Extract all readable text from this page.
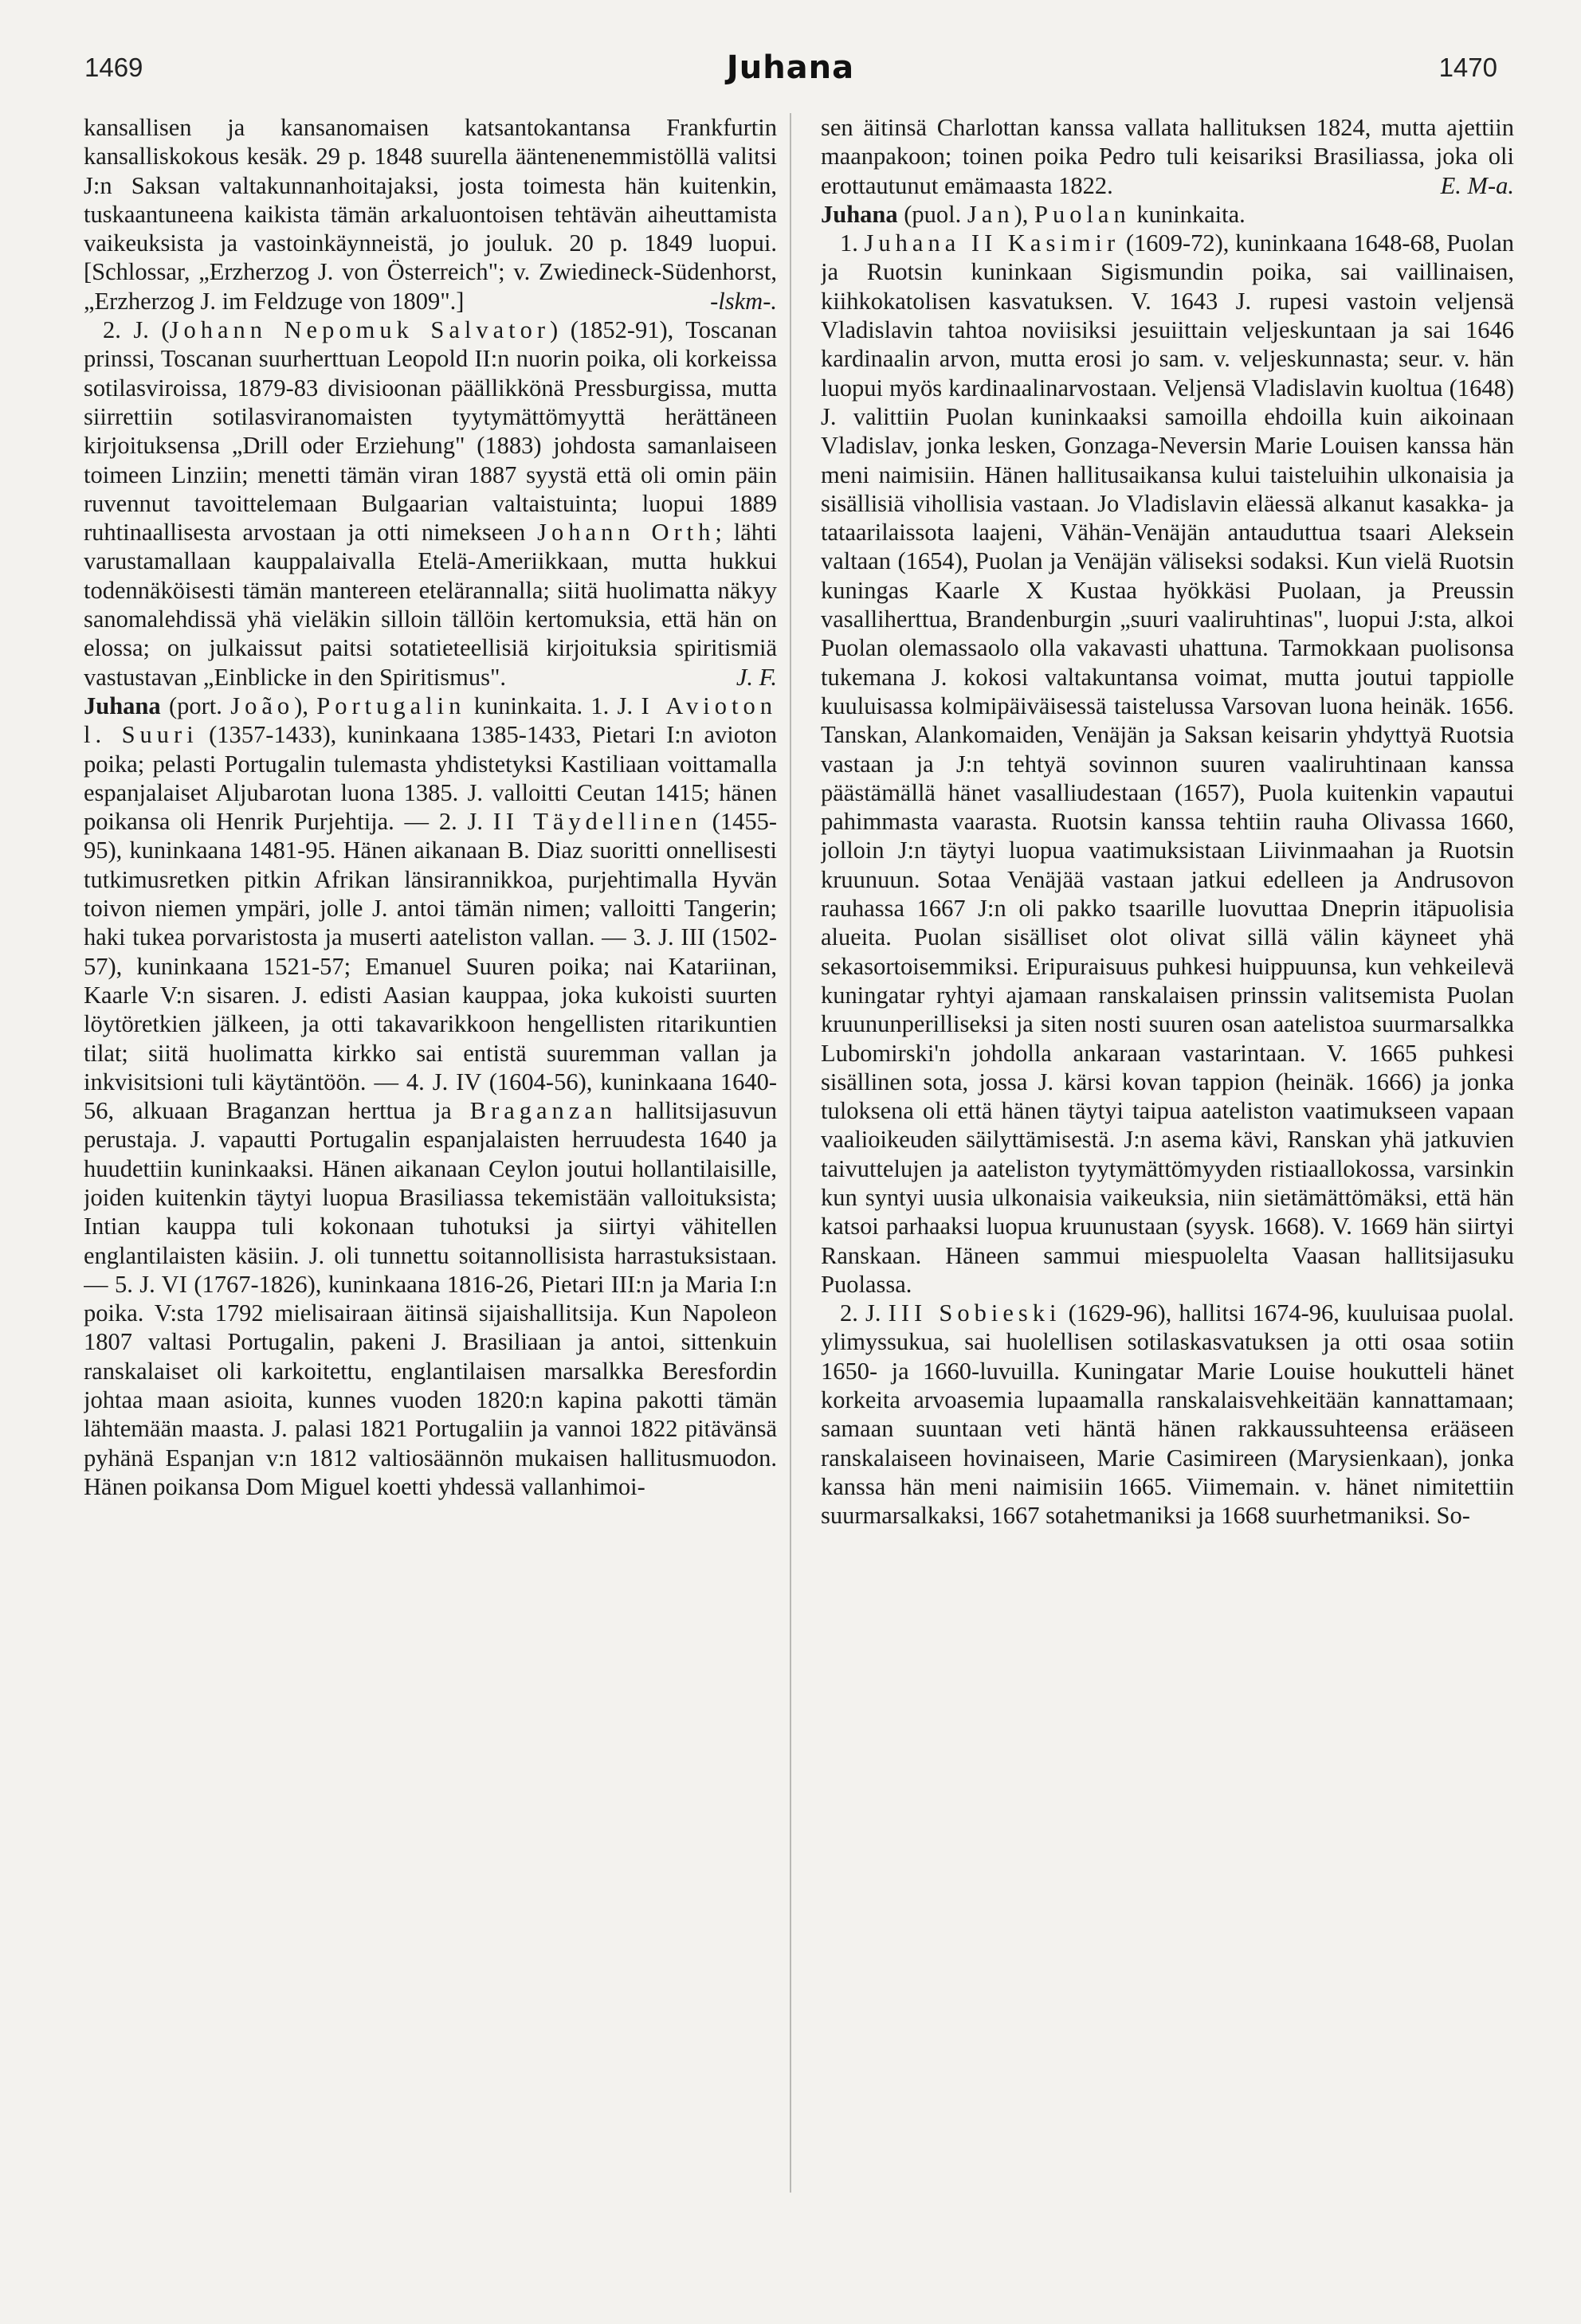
1469	Juhana	1470

kansallisen ja kansanomaisen katsantokantansa Frankfurtin kansalliskokous kesäk. 29 p. 1848 suurella ääntenenemmistöllä valitsi J:n Saksan valtakunnanhoitajaksi, josta toimesta hän kuitenkin, tuskaantuneena kaikista tämän arkaluontoisen tehtävän aiheuttamista vaikeuksista ja vastoinkäynneistä, jo jouluk. 20 p. 1849 luopui. [Schlossar, „Erzherzog J. von Österreich"; v. Zwiedineck-Südenhorst, „Erzherzog J. im Feldzuge von 1809".]	-lskm-.

2. J. (Johann Nepomuk Salvator) (1852-91), Toscanan prinssi, Toscanan suurherttuan Leopold II:n nuorin poika, oli korkeissa sotilasviroissa, 1879-83 divisioonan päällikkönä Pressburgissa, mutta siirrettiin sotilasviranomaisten tyytymättömyyttä herättäneen kirjoituksensa „Drill oder Erziehung" (1883) johdosta samanlaiseen toimeen Linziin; menetti tämän viran 1887 syystä että oli omin päin ruvennut tavoittelemaan Bulgaarian valtaistuinta; luopui 1889 ruhtinaallisesta arvostaan ja otti nimekseen Johann Orth; lähti varustamallaan kauppalaivalla Etelä-Ameriikkaan, mutta hukkui todennäköisesti tämän mantereen etelärannalla; siitä huolimatta näkyy sanomalehdissä yhä vieläkin silloin tällöin kertomuksia, että hän on elossa; on julkaissut paitsi sotatieteellisiä kirjoituksia spiritismiä vastustavan „Einblicke in den Spiritismus".	J. F.

Juhana (port. João), Portugalin kuninkaita. 1. J. I Avioton l. Suuri (1357-1433), kuninkaana 1385-1433, Pietari I:n avioton poika; pelasti Portugalin tulemasta yhdistetyksi Kastiliaan voittamalla espanjalaiset Aljubarotan luona 1385. J. valloitti Ceutan 1415; hänen poikansa oli Henrik Purjehtija. — 2. J. II Täydellinen (1455-95), kuninkaana 1481-95. Hänen aikanaan B. Diaz suoritti onnellisesti tutkimusretken pitkin Afrikan länsirannikkoa, purjehtimalla Hyvän toivon niemen ympäri, jolle J. antoi tämän nimen; valloitti Tangerin; haki tukea porvaristosta ja muserti aateliston vallan. — 3. J. III (1502-57), kuninkaana 1521-57; Emanuel Suuren poika; nai Katariinan, Kaarle V:n sisaren. J. edisti Aasian kauppaa, joka kukoisti suurten löytöretkien jälkeen, ja otti takavarikkoon hengellisten ritarikuntien tilat; siitä huolimatta kirkko sai entistä suuremman vallan ja inkvisitsioni tuli käytäntöön. — 4. J. IV (1604-56), kuninkaana 1640-56, alkuaan Braganzan herttua ja Braganzan hallitsijasuvun perustaja. J. vapautti Portugalin espanjalaisten herruudesta 1640 ja huudettiin kuninkaaksi. Hänen aikanaan Ceylon joutui hollantilaisille, joiden kuitenkin täytyi luopua Brasiliassa tekemistään valloituksista; Intian kauppa tuli kokonaan tuhotuksi ja siirtyi vähitellen englantilaisten käsiin. J. oli tunnettu soitannollisista harrastuksistaan. — 5. J. VI (1767-1826), kuninkaana 1816-26, Pietari III:n ja Maria I:n poika. V:sta 1792 mielisairaan äitinsä sijaishallitsija. Kun Napoleon 1807 valtasi Portugalin, pakeni J. Brasiliaan ja antoi, sittenkuin ranskalaiset oli karkoitettu, englantilaisen marsalkka Beresfordin johtaa maan asioita, kunnes vuoden 1820:n kapina pakotti tämän lähtemään maasta. J. palasi 1821 Portugaliin ja vannoi 1822 pitävänsä pyhänä Espanjan v:n 1812 valtiosäännön mukaisen hallitusmuodon. Hänen poikansa Dom Miguel koetti yhdessä vallanhimoi-

sen äitinsä Charlottan kanssa vallata hallituksen 1824, mutta ajettiin maanpakoon; toinen poika Pedro tuli keisariksi Brasiliassa, joka oli erottautunut emämaasta 1822.	E. M-a.

Juhana (puol. Jan), Puolan kuninkaita.

1. Juhana II Kasimir (1609-72), kuninkaana 1648-68, Puolan ja Ruotsin kuninkaan Sigismundin poika, sai vaillinaisen, kiihkokatolisen kasvatuksen. V. 1643 J. rupesi vastoin veljensä Vladislavin tahtoa noviisiksi jesuiittain veljeskuntaan ja sai 1646 kardinaalin arvon, mutta erosi jo sam. v. veljeskunnasta; seur. v. hän luopui myös kardinaalinarvostaan. Veljensä Vladislavin kuoltua (1648) J. valittiin Puolan kuninkaaksi samoilla ehdoilla kuin aikoinaan Vladislav, jonka lesken, Gonzaga-Neversin Marie Louisen kanssa hän meni naimisiin. Hänen hallitusaikansa kului taisteluihin ulkonaisia ja sisällisiä vihollisia vastaan. Jo Vladislavin eläessä alkanut kasakka- ja tataarilaissota laajeni, Vähän-Venäjän antauduttua tsaari Aleksein valtaan (1654), Puolan ja Venäjän väliseksi sodaksi. Kun vielä Ruotsin kuningas Kaarle X Kustaa hyökkäsi Puolaan, ja Preussin vasalliherttua, Brandenburgin „suuri vaaliruhtinas", luopui J:sta, alkoi Puolan olemassaolo olla vakavasti uhattuna. Tarmokkaan puolisonsa tukemana J. kokosi valtakuntansa voimat, mutta joutui tappiolle kuuluisassa kolmipäiväisessä taistelussa Varsovan luona heinäk. 1656. Tanskan, Alankomaiden, Venäjän ja Saksan keisarin yhdyttyä Ruotsia vastaan ja J:n tehtyä sovinnon suuren vaaliruhtinaan kanssa päästämällä hänet vasalliudestaan (1657), Puola kuitenkin vapautui pahimmasta vaarasta. Ruotsin kanssa tehtiin rauha Olivassa 1660, jolloin J:n täytyi luopua vaatimuksistaan Liivinmaahan ja Ruotsin kruunuun. Sotaa Venäjää vastaan jatkui edelleen ja Andrusovon rauhassa 1667 J:n oli pakko tsaarille luovuttaa Dneprin itäpuolisia alueita. Puolan sisälliset olot olivat sillä välin käyneet yhä sekasortoisemmiksi. Eripuraisuus puhkesi huippuunsa, kun vehkeilevä kuningatar ryhtyi ajamaan ranskalaisen prinssin valitsemista Puolan kruununperilliseksi ja siten nosti suuren osan aatelistoa suurmarsalkka Lubomirski'n johdolla ankaraan vastarintaan. V. 1665 puhkesi sisällinen sota, jossa J. kärsi kovan tappion (heinäk. 1666) ja jonka tuloksena oli että hänen täytyi taipua aateliston vaatimukseen vapaan vaalioikeuden säilyttämisestä. J:n asema kävi, Ranskan yhä jatkuvien taivuttelujen ja aateliston tyytymättömyyden ristiaallokossa, varsinkin kun syntyi uusia ulkonaisia vaikeuksia, niin sietämättömäksi, että hän katsoi parhaaksi luopua kruunustaan (syysk. 1668). V. 1669 hän siirtyi Ranskaan. Häneen sammui miespuolelta Vaasan hallitsijasuku Puolassa.

2. J. III Sobieski (1629-96), hallitsi 1674-96, kuuluisaa puolal. ylimyssukua, sai huolellisen sotilaskasvatuksen ja otti osaa sotiin 1650- ja 1660-luvuilla. Kuningatar Marie Louise houkutteli hänet korkeita arvoasemia lupaamalla ranskalaisvehkeitään kannattamaan; samaan suuntaan veti häntä hänen rakkaussuhteensa erääseen ranskalaiseen hovinaiseen, Marie Casimireen (Marysienkaan), jonka kanssa hän meni naimisiin 1665. Viimemain. v. hänet nimitettiin suurmarsalkaksi, 1667 sotahetmaniksi ja 1668 suurhetmaniksi. So-
